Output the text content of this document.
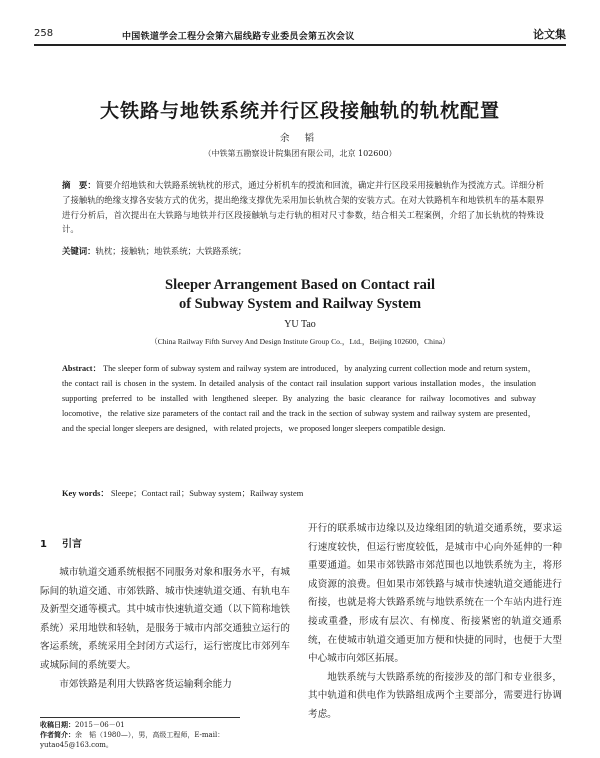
258	中国铁道学会工程分会第六届线路专业委员会第五次会议	论文集
大铁路与地铁系统并行区段接触轨的轨枕配置
余 韬
（中铁第五勘察设计院集团有限公司，北京 102600）
摘　要：简要介绍地铁和大铁路系统轨枕的形式，通过分析机车的授流和回流，确定并行区段采用接触轨作为授流方式。详细分析了接触轨的绝缘支撑各安装方式的优劣，提出绝缘支撑优先采用加长轨枕合架的安装方式。在对大铁路机车和地铁机车的基本限界进行分析后，首次提出在大铁路与地铁并行区段接触轨与走行轨的相对尺寸参数，结合相关工程案例，介绍了加长轨枕的特殊设计。
关键词：轨枕；接触轨；地铁系统；大铁路系统；
Sleeper Arrangement Based on Contact rail
of Subway System and Railway System
YU Tao
（China Railway Fifth Survey And Design Institute Group Co.，Ltd.，Beijing 102600，China）
Abstract： The sleeper form of subway system and railway system are introduced，by analyzing current collection mode and return system，the contact rail is chosen in the system. In detailed analysis of the contact rail insulation support various installation modes，the insulation supporting preferred to be installed with lengthened sleeper. By analyzing the basic clearance for railway locomotives and subway locomotive，the relative size parameters of the contact rail and the track in the section of subway system and railway system are presented，and the special longer sleepers are designed，with related projects，we proposed longer sleepers compatible design.
Key words： Sleepe；Contact rail；Subway system；Railway system
1 引言

城市轨道交通系统根据不同服务对象和服务水平，有城际间的轨道交通、市郊铁路、城市快速轨道交通、有轨电车及新型交通等模式。其中城市快速轨道交通（以下简称地铁系统）采用地铁和轻轨，是服务于城市内部交通独立运行的客运系统，系统采用全封闭方式运行，运行密度比市郊列车或城际间的系统要大。

市郊铁路是利用大铁路客货运输剩余能力

开行的联系城市边缘以及边缘组团的轨道交通系统，要求运行速度较快，但运行密度较低，是城市中心向外延伸的一种重要通道。如果市郊铁路市郊范围也以地铁系统为主，将形成资源的浪费。但如果市郊铁路与城市快速轨道交通能进行衔接，也就是将大铁路系统与地铁系统在一个车站内进行连接或重叠，形成有层次、有梯度、衔接紧密的轨道交通系统，在使城市轨道交通更加方便和快捷的同时，也便于大型中心城市向郊区拓展。

地铁系统与大铁路系统的衔接涉及的部门和专业很多，其中轨道和供电作为铁路组成两个主要部分，需要进行协调考虑。

收稿日期：2015－06－01
作者简介：余　韬（1980—），男，高级工程师，E-mail：yutao45@163.com。
